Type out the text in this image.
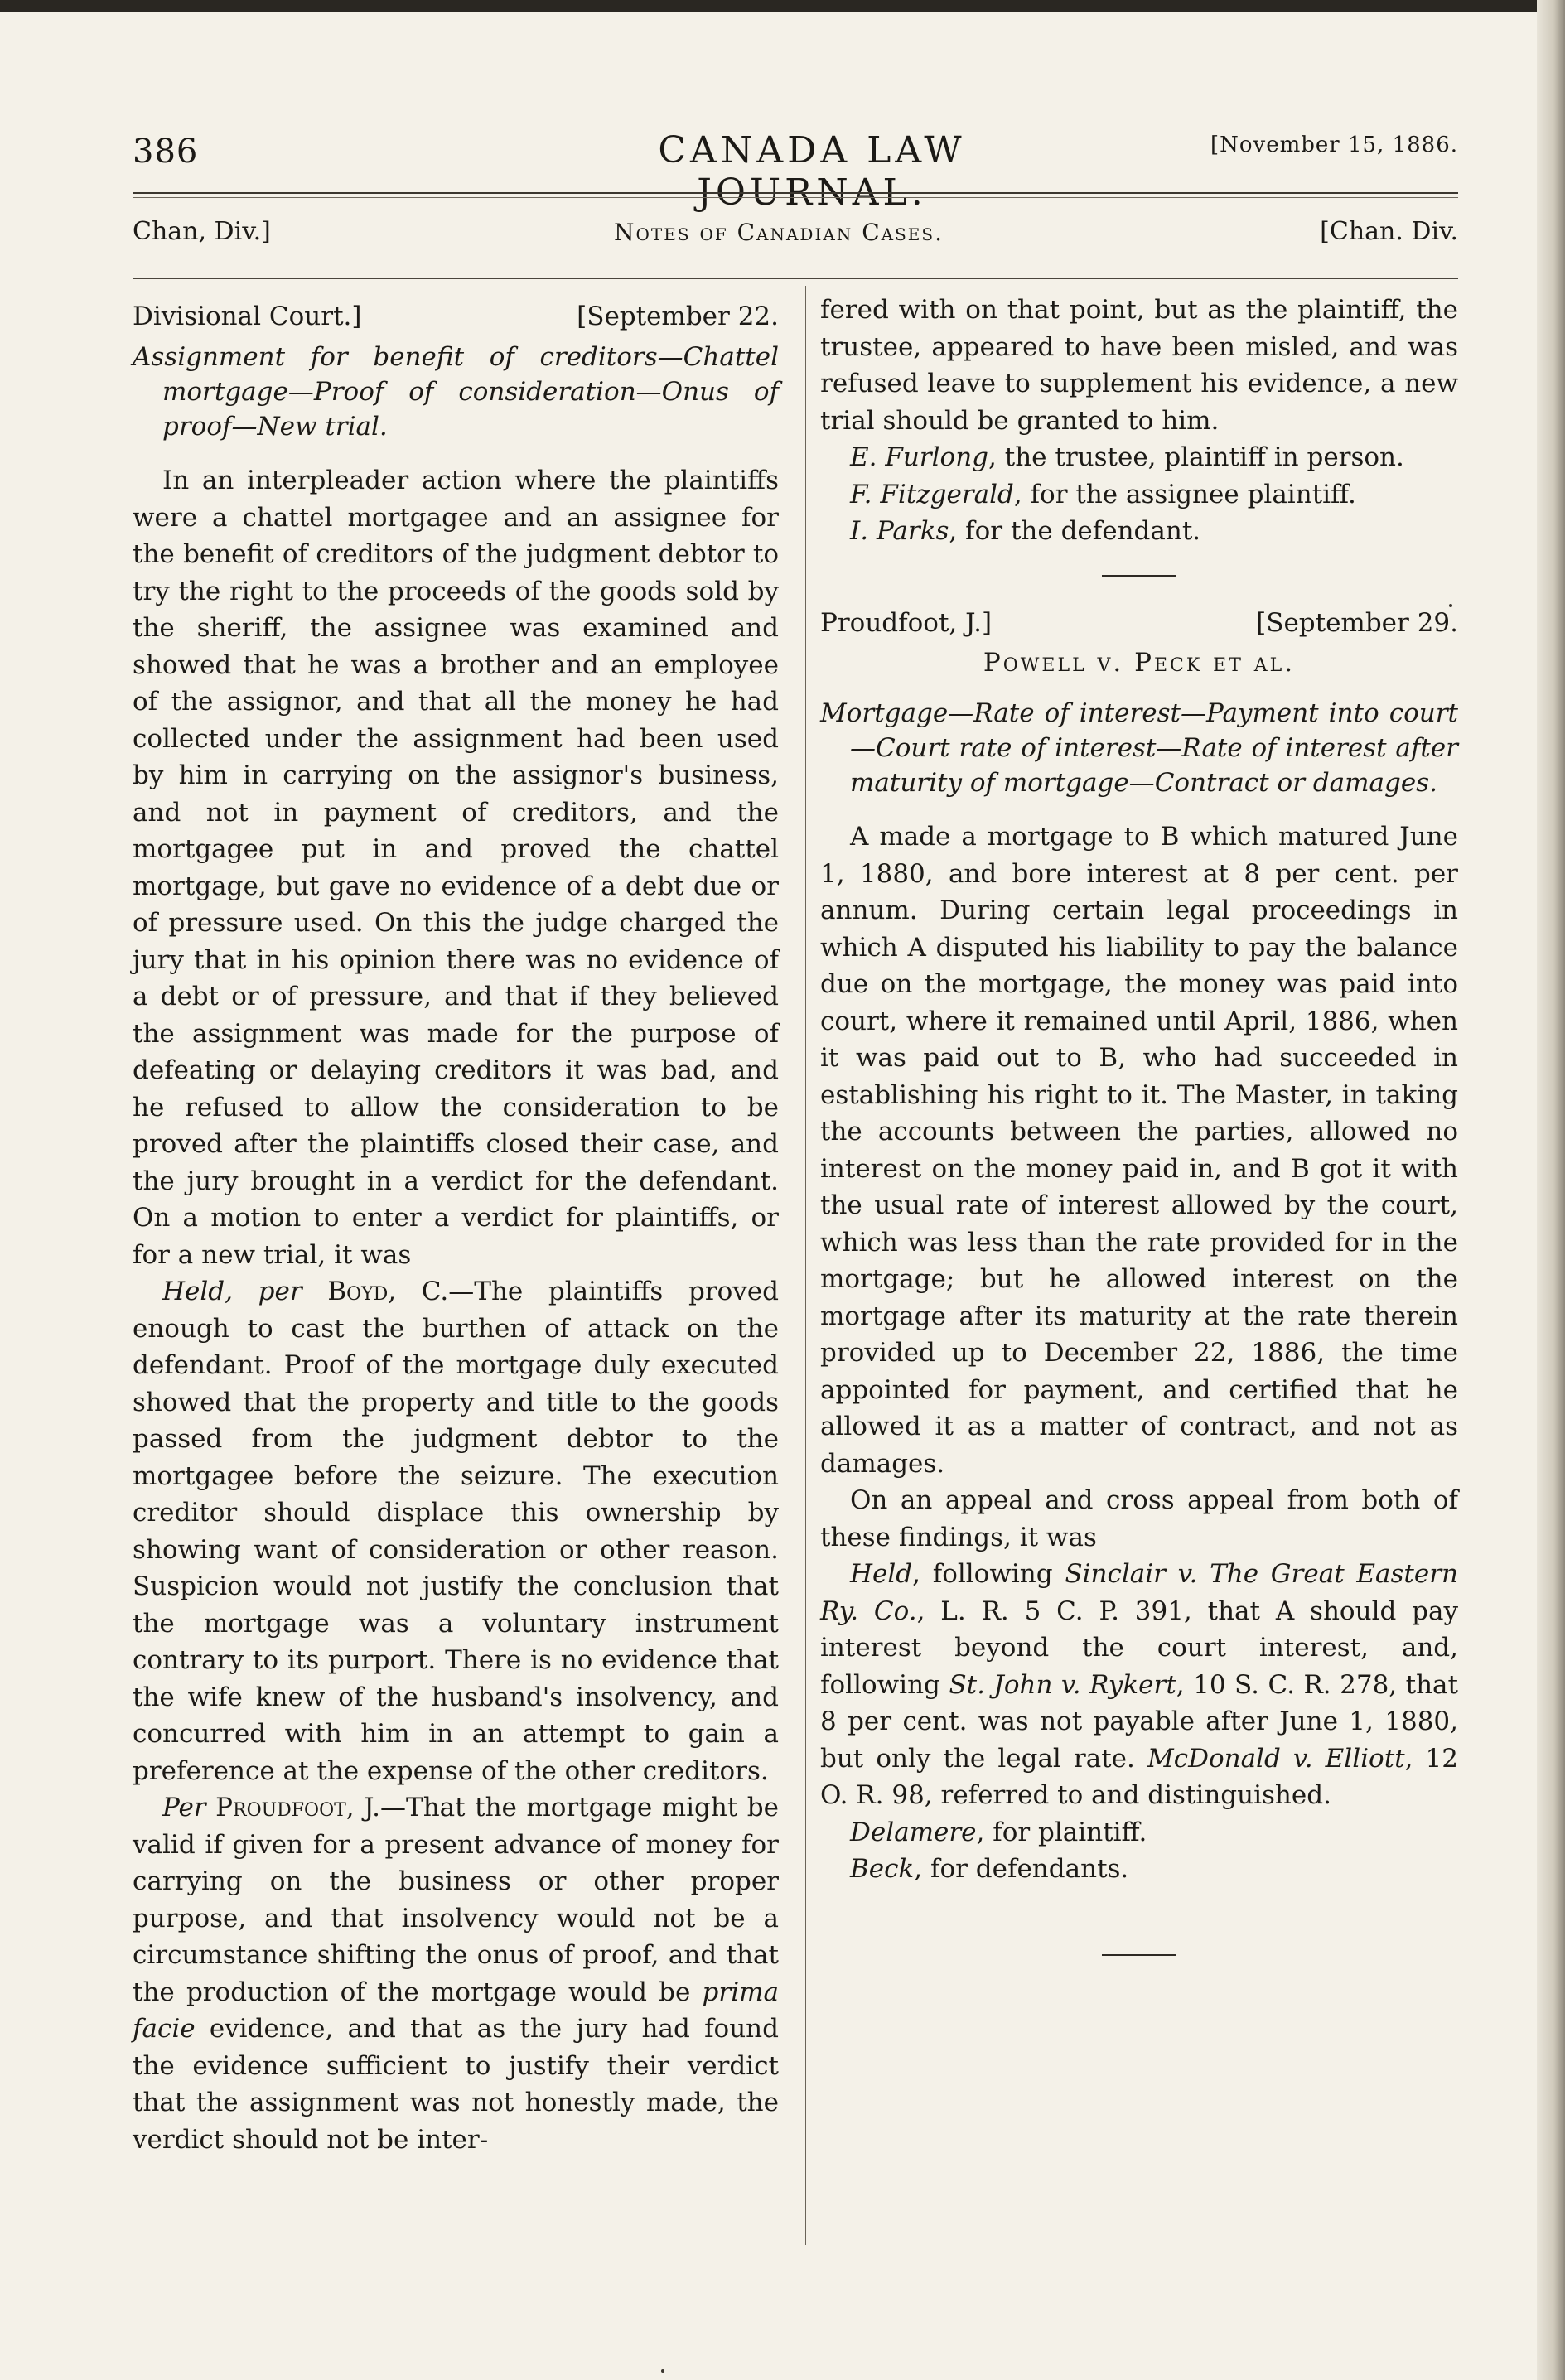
386	CANADA LAW JOURNAL.
[November 15, 1886.
Chan, Div.]	Notes of Canadian Cases.	[Chan. Div.
Divisional Court.]	[September 22.
Assignment for benefit of creditors—Chattel mortgage—Proof of consideration—Onus of proof—New trial.

In an interpleader action where the plaintiffs were a chattel mortgagee and an assignee for the benefit of creditors of the judgment debtor to try the right to the proceeds of the goods sold by the sheriff, the assignee was examined and showed that he was a brother and an employee of the assignor, and that all the money he had collected under the assignment had been used by him in carrying on the assignor's business, and not in payment of creditors, and the mortgagee put in and proved the chattel mortgage, but gave no evidence of a debt due or of pressure used. On this the judge charged the jury that in his opinion there was no evidence of a debt or of pressure, and that if they believed the assignment was made for the purpose of defeating or delaying creditors it was bad, and he refused to allow the consideration to be proved after the plaintiffs closed their case, and the jury brought in a verdict for the defendant. On a motion to enter a verdict for plaintiffs, or for a new trial, it was

Held, per Boyd, C.—The plaintiffs proved enough to cast the burthen of attack on the defendant. Proof of the mortgage duly executed showed that the property and title to the goods passed from the judgment debtor to the mortgagee before the seizure. The execution creditor should displace this ownership by showing want of consideration or other reason. Suspicion would not justify the conclusion that the mortgage was a voluntary instrument contrary to its purport. There is no evidence that the wife knew of the husband's insolvency, and concurred with him in an attempt to gain a preference at the expense of the other creditors.

Per Proudfoot, J.—That the mortgage might be valid if given for a present advance of money for carrying on the business or other proper purpose, and that insolvency would not be a circumstance shifting the onus of proof, and that the production of the mortgage would be prima facie evidence, and that as the jury had found the evidence sufficient to justify their verdict that the assignment was not honestly made, the verdict should not be inter-

fered with on that point, but as the plaintiff, the trustee, appeared to have been misled, and was refused leave to supplement his evidence, a new trial should be granted to him.

E. Furlong, the trustee, plaintiff in person.
F. Fitzgerald, for the assignee plaintiff.
I. Parks, for the defendant.
Proudfoot, J.]	[September 29.
Powell v. Peck et al.
Mortgage—Rate of interest—Payment into court—Court rate of interest—Rate of interest after maturity of mortgage—Contract or damages.

A made a mortgage to B which matured June 1, 1880, and bore interest at 8 per cent. per annum. During certain legal proceedings in which A disputed his liability to pay the balance due on the mortgage, the money was paid into court, where it remained until April, 1886, when it was paid out to B, who had succeeded in establishing his right to it. The Master, in taking the accounts between the parties, allowed no interest on the money paid in, and B got it with the usual rate of interest allowed by the court, which was less than the rate provided for in the mortgage; but he allowed interest on the mortgage after its maturity at the rate therein provided up to December 22, 1886, the time appointed for payment, and certified that he allowed it as a matter of contract, and not as damages.

On an appeal and cross appeal from both of these findings, it was

Held, following Sinclair v. The Great Eastern Ry. Co., L. R. 5 C. P. 391, that A should pay interest beyond the court interest, and, following St. John v. Rykert, 10 S. C. R. 278, that 8 per cent. was not payable after June 1, 1880, but only the legal rate. McDonald v. Elliott, 12 O. R. 98, referred to and distinguished.

Delamere, for plaintiff.
Beck, for defendants.
